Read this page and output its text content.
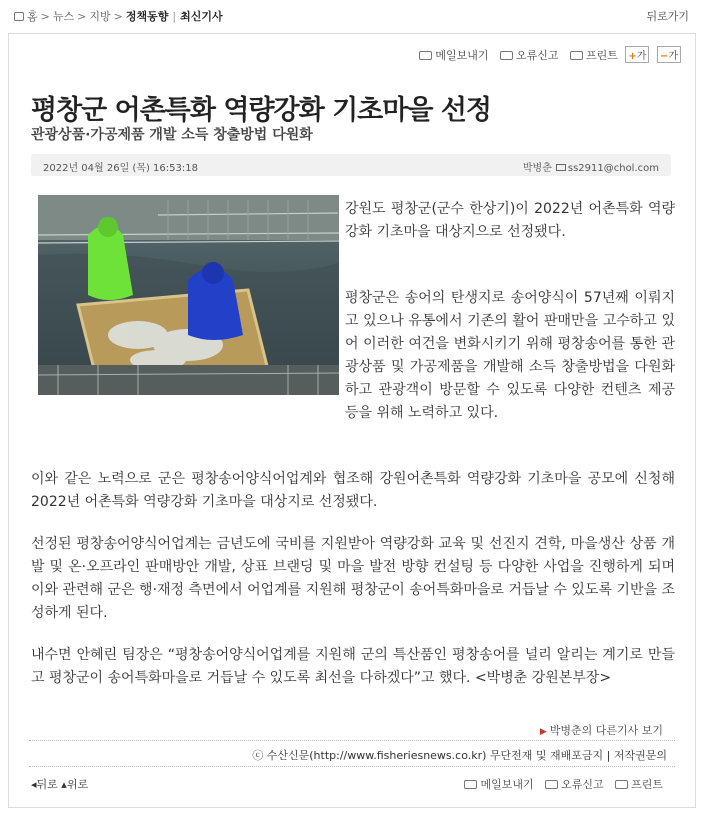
홈 > 뉴스 > 지방 > 정책동향 | 최신기사	뒤로가기
메일보내기	오류신고	프린트 +가 −가
평창군 어촌특화 역량강화 기초마을 선정
관광상품·가공제품 개발 소득 창출방법 다원화
2022년 04월 26일 (목) 16:53:18	박병춘 ss2911@chol.com

강원도 평창군(군수 한상기)이 2022년 어촌특화 역량강화 기초마을 대상지으로 선정됐다.

평창군은 송어의 탄생지로 송어양식이 57년째 이뤄지고 있으나 유통에서 기존의 활어 판매만을 고수하고 있어 이러한 여건을 변화시키기 위해 평창송어를 통한 관광상품 및 가공제품을 개발해 소득 창출방법을 다원화하고 관광객이 방문할 수 있도록 다양한 컨텐츠 제공 등을 위해 노력하고 있다.

이와 같은 노력으로 군은 평창송어양식어업계와 협조해 강원어촌특화 역량강화 기초마을 공모에 신청해 2022년 어촌특화 역량강화 기초마을 대상지로 선정됐다.

선정된 평창송어양식어업계는 금년도에 국비를 지원받아 역량강화 교육 및 선진지 견학, 마을생산 상품 개발 및 온·오프라인 판매방안 개발, 상표 브랜딩 및 마을 발전 방향 컨설팅 등 다양한 사업을 진행하게 되며 이와 관련해 군은 행·재정 측면에서 어업계를 지원해 평창군이 송어특화마을로 거듭날 수 있도록 기반을 조성하게 된다.

내수면 안혜린 팀장은 “평창송어양식어업계를 지원해 군의 특산품인 평창송어를 널리 알리는 계기로 만들고 평창군이 송어특화마을로 거듭날 수 있도록 최선을 다하겠다”고 했다. <박병춘 강원본부장>

▶ 박병춘의 다른기사 보기
ⓒ 수산신문(http://www.fisheriesnews.co.kr) 무단전재 및 재배포금지 | 저작권문의
◂뒤로 ▴위로	메일보내기	오류신고	프린트
